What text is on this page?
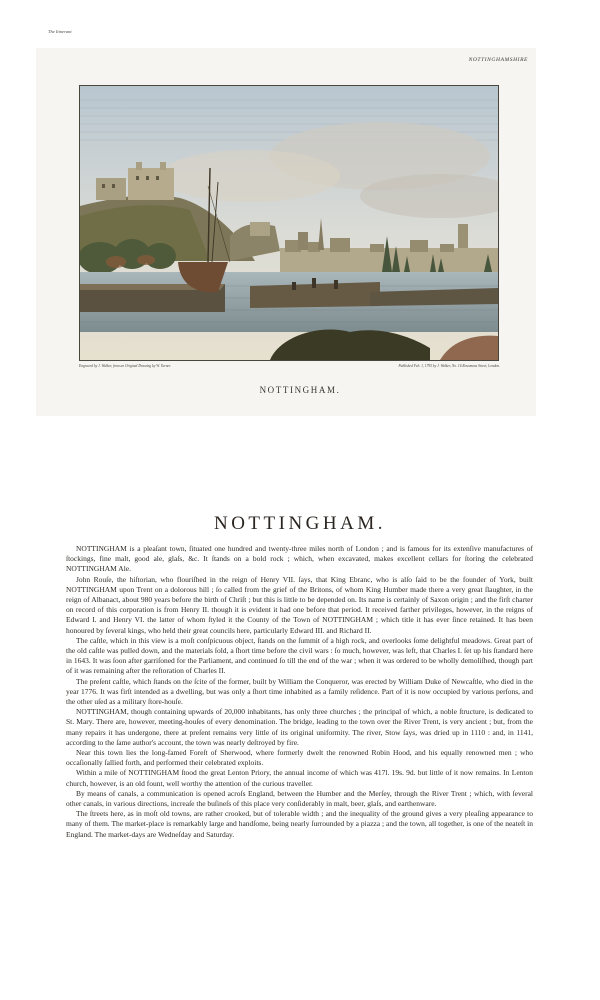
NOTTINGHAMSHIRE
The Itinerant
Engraved by J. Walker, from an Original Drawing by W. Turner.	Published Feb. 1, 1795 by J. Walker, No. 16 Rosomans Street, London.
NOTTINGHAM.
NOTTINGHAM.

NOTTINGHAM is a pleaſant town, ſituated one hundred and twenty-three miles north of London ; and is famous for its extenſive manufactures of ſtockings, fine malt, good ale, glaſs, &c. It ſtands on a bold rock ; which, when excavated, makes excellent cellars for ſtoring the celebrated NOTTINGHAM Ale.

John Rouſe, the hiſtorian, who flouriſhed in the reign of Henry VII. ſays, that King Ebranc, who is alſo ſaid to be the founder of York, built NOTTINGHAM upon Trent on a dolorous hill ; ſo called from the grief of the Britons, of whom King Humber made there a very great ſlaughter, in the reign of Albanact, about 980 years before the birth of Chriſt ; but this is little to be depended on. Its name is certainly of Saxon origin ; and the firſt charter on record of this corporation is from Henry II. though it is evident it had one before that period. It received farther privileges, however, in the reigns of Edward I. and Henry VI. the latter of whom ſtyled it the County of the Town of NOTTINGHAM ; which title it has ever ſince retained. It has been honoured by ſeveral kings, who held their great councils here, particularly Edward III. and Richard II.

The caſtle, which in this view is a moſt conſpicuous object, ſtands on the ſummit of a high rock, and overlooks ſome delightful meadows. Great part of the old caſtle was pulled down, and the materials ſold, a ſhort time before the civil wars : ſo much, however, was left, that Charles I. ſet up his ſtandard here in 1643. It was ſoon after garriſoned for the Parliament, and continued ſo till the end of the war ; when it was ordered to be wholly demoliſhed, though part of it was remaining after the reſtoration of Charles II.

The preſent caſtle, which ſtands on the ſcite of the former, built by William the Conqueror, was erected by William Duke of Newcaſtle, who died in the year 1776. It was firſt intended as a dwelling, but was only a ſhort time inhabited as a family reſidence. Part of it is now occupied by various perſons, and the other uſed as a military ſtore-houſe.

NOTTINGHAM, though containing upwards of 20,000 inhabitants, has only three churches ; the principal of which, a noble ſtructure, is dedicated to St. Mary. There are, however, meeting-houſes of every denomination. The bridge, leading to the town over the River Trent, is very ancient ; but, from the many repairs it has undergone, there at preſent remains very little of its original uniformity. The river, Stow ſays, was dried up in 1110 : and, in 1141, according to the ſame author's account, the town was nearly deſtroyed by fire.

Near this town lies the long-famed Foreſt of Sherwood, where formerly dwelt the renowned Robin Hood, and his equally renowned men ; who occaſionally ſallied forth, and performed their celebrated exploits.

Within a mile of NOTTINGHAM ſtood the great Lenton Priory, the annual income of which was 417l. 19s. 9d. but little of it now remains. In Lenton church, however, is an old fount, well worthy the attention of the curious traveller.

By means of canals, a communication is opened acroſs England, between the Humber and the Merſey, through the River Trent ; which, with ſeveral other canals, in various directions, increaſe the buſineſs of this place very conſiderably in malt, beer, glaſs, and earthenware.

The ſtreets here, as in moſt old towns, are rather crooked, but of tolerable width ; and the inequality of the ground gives a very pleaſing appearance to many of them. The market-place is remarkably large and handſome, being nearly ſurrounded by a piazza ; and the town, all together, is one of the neateſt in England. The market-days are Wedneſday and Saturday.
